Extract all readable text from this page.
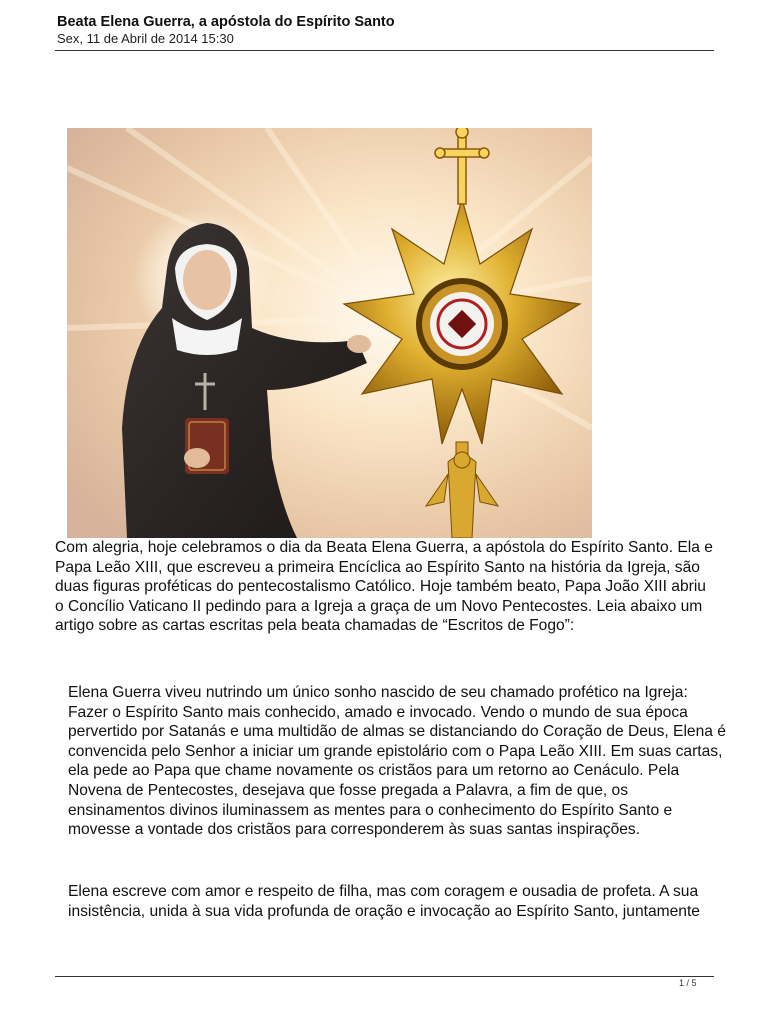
Beata Elena Guerra, a apóstola do Espírito Santo
Sex, 11 de Abril de 2014 15:30
Com alegria, hoje celebramos o dia da Beata Elena Guerra, a apóstola do Espírito Santo. Ela e Papa Leão XIII, que escreveu a primeira Encíclica ao Espírito Santo na história da Igreja, são duas figuras proféticas do pentecostalismo Católico. Hoje também beato, Papa João XIII abriu o Concílio Vaticano II pedindo para a Igreja a graça de um Novo Pentecostes. Leia abaixo um artigo sobre as cartas escritas pela beata chamadas de “Escritos de Fogo”:
Elena Guerra viveu nutrindo um único sonho nascido de seu chamado profético na Igreja: Fazer o Espírito Santo mais conhecido, amado e invocado. Vendo o mundo de sua época pervertido por Satanás e uma multidão de almas se distanciando do Coração de Deus, Elena é convencida pelo Senhor a iniciar um grande epistolário com o Papa Leão XIII. Em suas cartas, ela pede ao Papa que chame novamente os cristãos para um retorno ao Cenáculo. Pela Novena de Pentecostes, desejava que fosse pregada a Palavra, a fim de que, os ensinamentos divinos iluminassem as mentes para o conhecimento do Espírito Santo e movesse a vontade dos cristãos para corresponderem às suas santas inspirações.
Elena escreve com amor e respeito de filha, mas com coragem e ousadia de profeta. A sua insistência, unida à sua vida profunda de oração e invocação ao Espírito Santo, juntamente
1 / 5
